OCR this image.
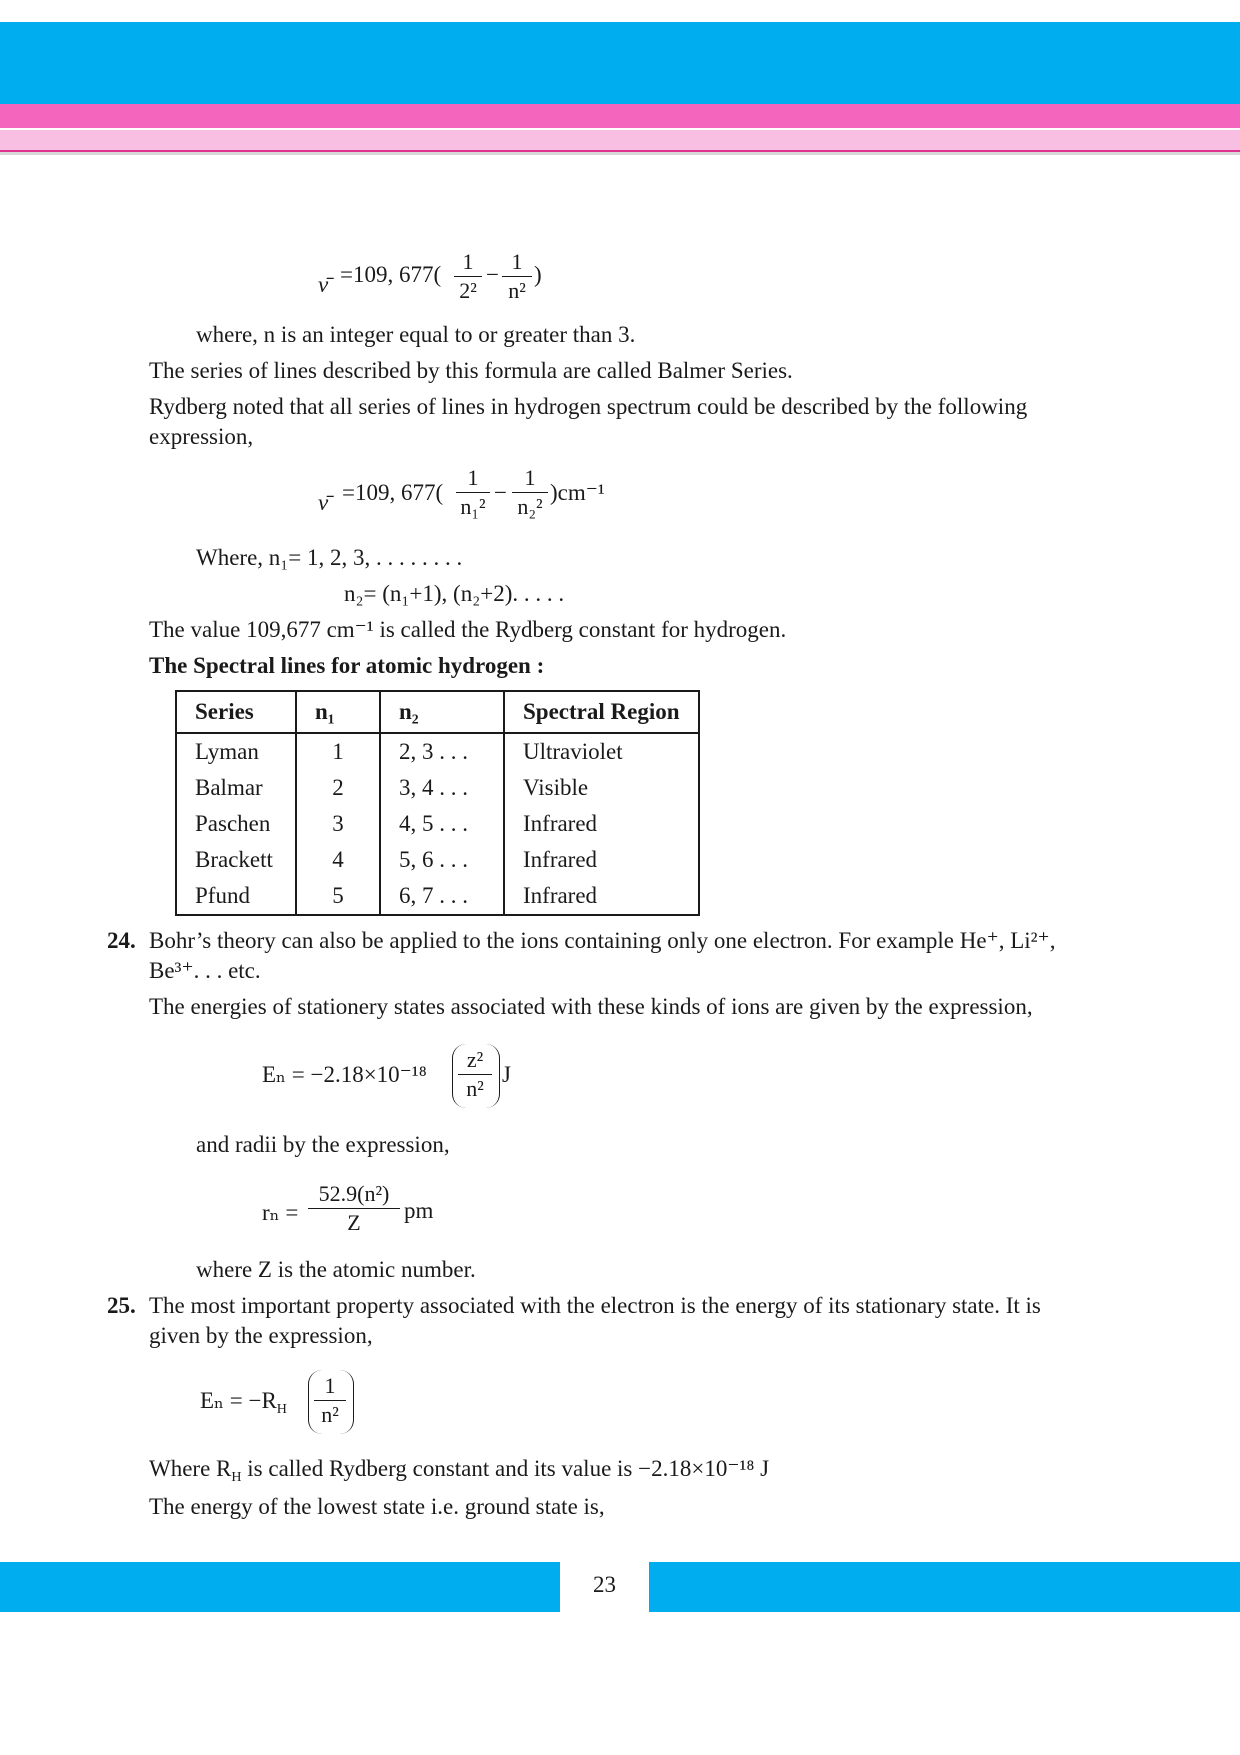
ν̄ =109, 677(
1
2²
−
1
n²
)
where, n is an integer equal to or greater than 3.
The series of lines described by this formula are called Balmer Series.
Rydberg noted that all series of lines in hydrogen spectrum could be described by the following expression,
ν̄ =109, 677(
1
n₁²
−
1
n₂²
)cm⁻¹
Where, n₁= 1, 2, 3, . . . . . . . .
n₂= (n₁+1), (n₂+2). . . . .
The value 109,677 cm⁻¹ is called the Rydberg constant for hydrogen.
The Spectral lines for atomic hydrogen :
Series	n₁	n₂	Spectral Region
Lyman	1	2, 3 . . .	Ultraviolet
Balmar	2	3, 4 . . .	Visible
Paschen	3	4, 5 . . .	Infrared
Brackett	4	5, 6 . . .	Infrared
Pfund	5	6, 7 . . .	Infrared
24. Bohr’s theory can also be applied to the ions containing only one electron. For example He⁺, Li²⁺,
Be³⁺. . . etc.
The energies of stationery states associated with these kinds of ions are given by the expression,
Eₙ = −2.18×10⁻¹⁸
z²
n²
J
and radii by the expression,
rₙ =
52.9(n²)
Z	pm
where Z is the atomic number.
25. The most important property associated with the electron is the energy of its stationary state. It is
given by the expression,
$E_n = -R_H$
1
n²
Where $R_H$ is called Rydberg constant and its value is −2.18×10⁻¹⁸ J
The energy of the lowest state i.e. ground state is,
23
